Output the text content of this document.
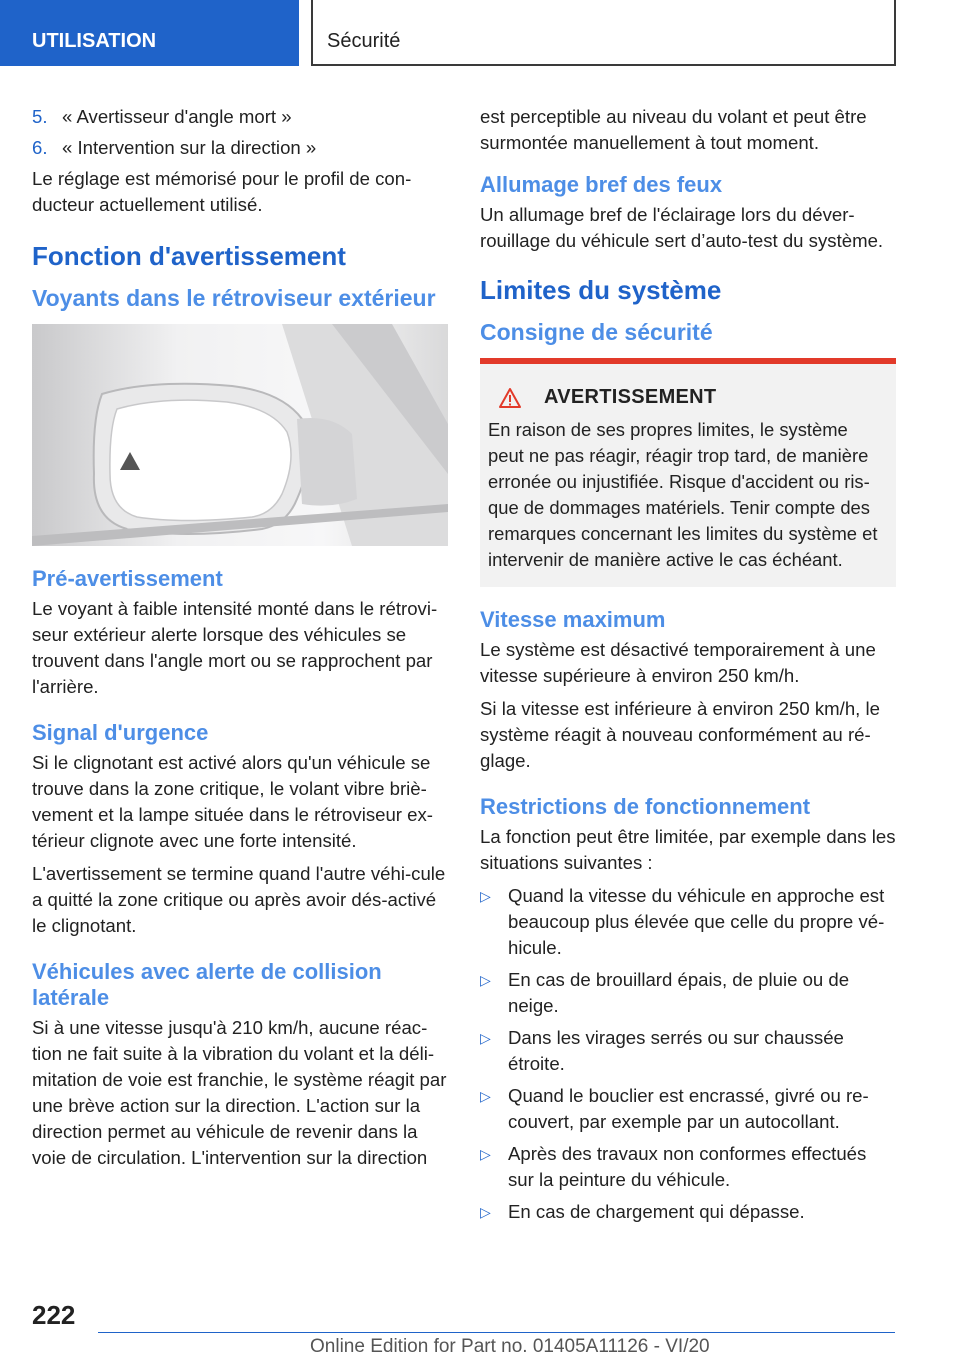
UTILISATION	Sécurité
5. « Avertisseur d'angle mort »
6. « Intervention sur la direction »

Le réglage est mémorisé pour le profil de con‐ducteur actuellement utilisé.

Fonction d'avertissement
Voyants dans le rétroviseur extérieur
Pré-avertissement

Le voyant à faible intensité monté dans le rétrovi‐seur extérieur alerte lorsque des véhicules se trouvent dans l'angle mort ou se rapprochent par l'arrière.

Signal d'urgence

Si le clignotant est activé alors qu'un véhicule se trouve dans la zone critique, le volant vibre briè‐vement et la lampe située dans le rétroviseur ex‐térieur clignote avec une forte intensité.

L'avertissement se termine quand l'autre véhi‐cule a quitté la zone critique ou après avoir dés‐activé le clignotant.

Véhicules avec alerte de collision latérale

Si à une vitesse jusqu'à 210 km/h, aucune réac‐tion ne fait suite à la vibration du volant et la déli‐mitation de voie est franchie, le système réagit par une brève action sur la direction. L'action sur la direction permet au véhicule de revenir dans la voie de circulation. L'intervention sur la direction

est perceptible au niveau du volant et peut être surmontée manuellement à tout moment.

Allumage bref des feux

Un allumage bref de l'éclairage lors du déver‐rouillage du véhicule sert d’auto-test du système.

Limites du système
Consigne de sécurité
AVERTISSEMENT

En raison de ses propres limites, le système peut ne pas réagir, réagir trop tard, de manière erronée ou injustifiée. Risque d'accident ou ris‐que de dommages matériels. Tenir compte des remarques concernant les limites du système et intervenir de manière active le cas échéant.

Vitesse maximum

Le système est désactivé temporairement à une vitesse supérieure à environ 250 km/h.

Si la vitesse est inférieure à environ 250 km/h, le système réagit à nouveau conformément au ré‐glage.

Restrictions de fonctionnement

La fonction peut être limitée, par exemple dans les situations suivantes :

▷ Quand la vitesse du véhicule en approche est beaucoup plus élevée que celle du propre vé‐hicule.
▷ En cas de brouillard épais, de pluie ou de neige.
▷ Dans les virages serrés ou sur chaussée étroite.
▷ Quand le bouclier est encrassé, givré ou re‐couvert, par exemple par un autocollant.
▷ Après des travaux non conformes effectués sur la peinture du véhicule.
▷ En cas de chargement qui dépasse.
222
Online Edition for Part no. 01405A11126 - VI/20
